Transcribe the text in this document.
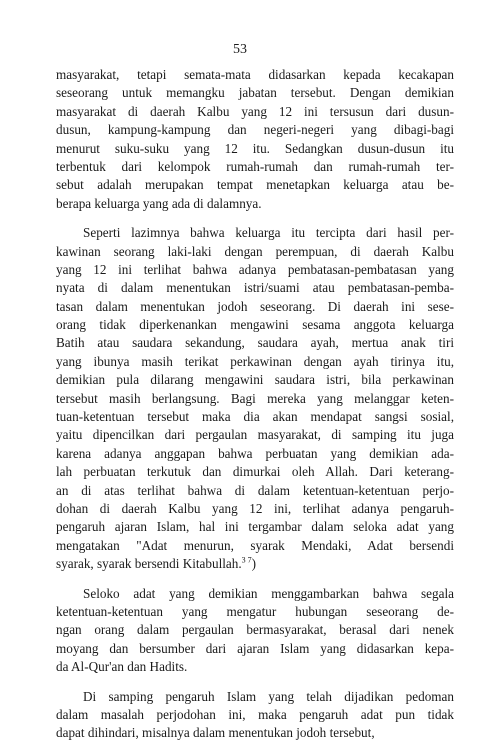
53
masyarakat, tetapi semata-mata didasarkan kepada kecakapan
seseorang untuk memangku jabatan tersebut. Dengan demikian
masyarakat di daerah Kalbu yang 12 ini tersusun dari dusun-
dusun, kampung-kampung dan negeri-negeri yang dibagi-bagi
menurut suku-suku yang 12 itu. Sedangkan dusun-dusun itu
terbentuk dari kelompok rumah-rumah dan rumah-rumah ter-
sebut adalah merupakan tempat menetapkan keluarga atau be-
berapa keluarga yang ada di dalamnya.
Seperti lazimnya bahwa keluarga itu tercipta dari hasil per-
kawinan seorang laki-laki dengan perempuan, di daerah Kalbu
yang 12 ini terlihat bahwa adanya pembatasan-pembatasan yang
nyata di dalam menentukan istri/suami atau pembatasan-pemba-
tasan dalam menentukan jodoh seseorang. Di daerah ini sese-
orang tidak diperkenankan mengawini sesama anggota keluarga
Batih atau saudara sekandung, saudara ayah, mertua anak tiri
yang ibunya masih terikat perkawinan dengan ayah tirinya itu,
demikian pula dilarang mengawini saudara istri, bila perkawinan
tersebut masih berlangsung. Bagi mereka yang melanggar keten-
tuan-ketentuan tersebut maka dia akan mendapat sangsi sosial,
yaitu dipencilkan dari pergaulan masyarakat, di samping itu juga
karena adanya anggapan bahwa perbuatan yang demikian ada-
lah perbuatan terkutuk dan dimurkai oleh Allah. Dari keterang-
an di atas terlihat bahwa di dalam ketentuan-ketentuan perjo-
dohan di daerah Kalbu yang 12 ini, terlihat adanya pengaruh-
pengaruh ajaran Islam, hal ini tergambar dalam seloka adat yang
mengatakan "Adat menurun, syarak Mendaki, Adat bersendi
syarak, syarak bersendi Kitabullah.$^{3 7}$)
Seloko adat yang demikian menggambarkan bahwa segala
ketentuan-ketentuan yang mengatur hubungan seseorang de-
ngan orang dalam pergaulan bermasyarakat, berasal dari nenek
moyang dan bersumber dari ajaran Islam yang didasarkan kepa-
da Al-Qur'an dan Hadits.
Di samping pengaruh Islam yang telah dijadikan pedoman
dalam masalah perjodohan ini, maka pengaruh adat pun tidak
dapat dihindari, misalnya dalam menentukan jodoh tersebut,
